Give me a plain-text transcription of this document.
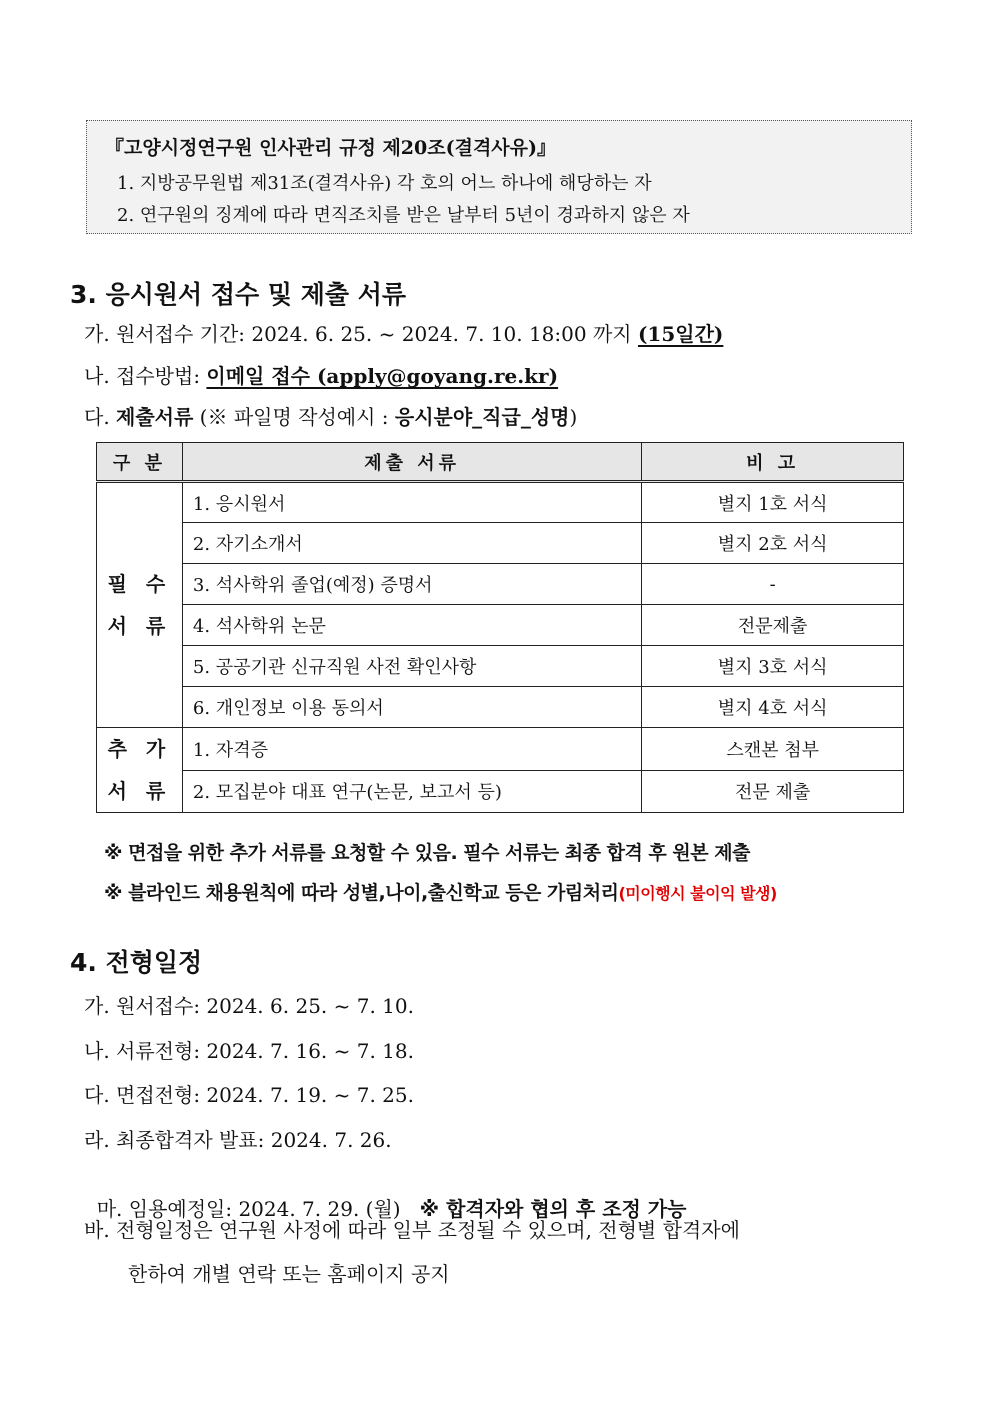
『고양시정연구원 인사관리 규정 제20조(결격사유)』
1. 지방공무원법 제31조(결격사유) 각 호의 어느 하나에 해당하는 자
2. 연구원의 징계에 따라 면직조치를 받은 날부터 5년이 경과하지 않은 자
3. 응시원서 접수 및 제출 서류
가. 원서접수 기간: 2024. 6. 25. ~ 2024. 7. 10. 18:00 까지 (15일간)
나. 접수방법: 이메일 접수 (apply@goyang.re.kr)
다. 제출서류 (※ 파일명 작성예시 : 응시분야_직급_성명)
구 분	제출 서류	비 고
필 수
서 류	1. 응시원서	별지 1호 서식
	2. 자기소개서	별지 2호 서식
	3. 석사학위 졸업(예정) 증명서	-
	4. 석사학위 논문	전문제출
	5. 공공기관 신규직원 사전 확인사항	별지 3호 서식
	6. 개인정보 이용 동의서	별지 4호 서식
추 가
서 류	1. 자격증	스캔본 첨부
	2. 모집분야 대표 연구(논문, 보고서 등)	전문 제출
※ 면접을 위한 추가 서류를 요청할 수 있음. 필수 서류는 최종 합격 후 원본 제출
※ 블라인드 채용원칙에 따라 성별,나이,출신학교 등은 가림처리(미이행시 불이익 발생)
4. 전형일정
가. 원서접수: 2024. 6. 25. ~ 7. 10.
나. 서류전형: 2024. 7. 16. ~ 7. 18.
다. 면접전형: 2024. 7. 19. ~ 7. 25.
라. 최종합격자 발표: 2024. 7. 26.

마. 임용예정일: 2024. 7. 29. (월)   ※ 합격자와 협의 후 조정 가능

바. 전형일정은 연구원 사정에 따라 일부 조정될 수 있으며, 전형별 합격자에
한하여 개별 연락 또는 홈페이지 공지
